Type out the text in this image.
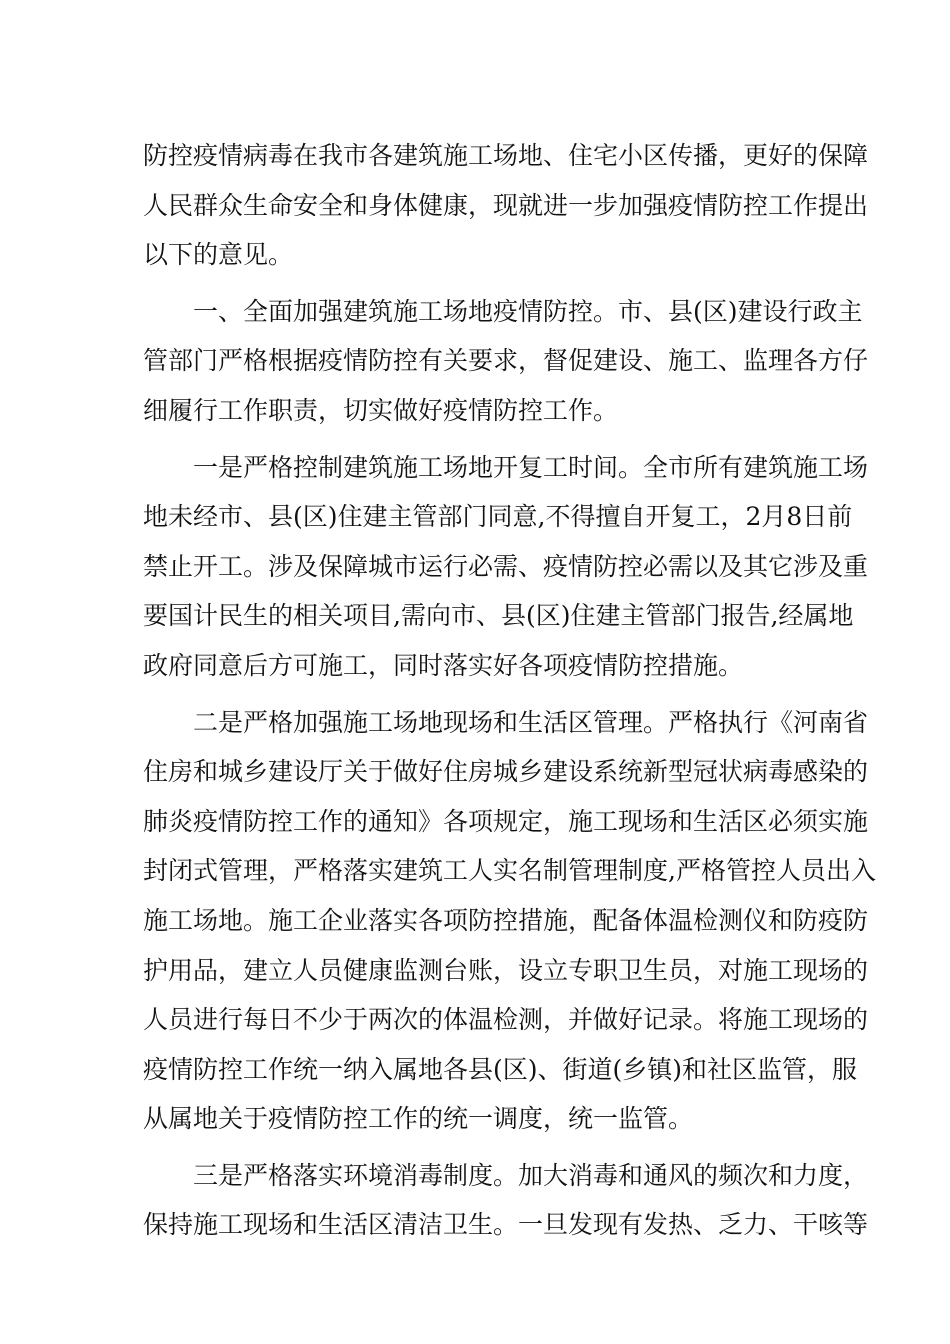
防控疫情病毒在我市各建筑施工场地、住宅小区传播，更好的保障
人民群众生命安全和身体健康，现就进一步加强疫情防控工作提出
以下的意见。
一、全面加强建筑施工场地疫情防控。市、县(区)建设行政主
管部门严格根据疫情防控有关要求，督促建设、施工、监理各方仔
细履行工作职责，切实做好疫情防控工作。
一是严格控制建筑施工场地开复工时间。全市所有建筑施工场
地未经市、县(区)住建主管部门同意,不得擅自开复工，2月8日前
禁止开工。涉及保障城市运行必需、疫情防控必需以及其它涉及重
要国计民生的相关项目,需向市、县(区)住建主管部门报告,经属地
政府同意后方可施工，同时落实好各项疫情防控措施。
二是严格加强施工场地现场和生活区管理。严格执行《河南省
住房和城乡建设厅关于做好住房城乡建设系统新型冠状病毒感染的
肺炎疫情防控工作的通知》各项规定，施工现场和生活区必须实施
封闭式管理，严格落实建筑工人实名制管理制度,严格管控人员出入
施工场地。施工企业落实各项防控措施，配备体温检测仪和防疫防
护用品，建立人员健康监测台账，设立专职卫生员，对施工现场的
人员进行每日不少于两次的体温检测，并做好记录。将施工现场的
疫情防控工作统一纳入属地各县(区)、街道(乡镇)和社区监管，服
从属地关于疫情防控工作的统一调度，统一监管。
三是严格落实环境消毒制度。加大消毒和通风的频次和力度，
保持施工现场和生活区清洁卫生。一旦发现有发热、乏力、干咳等
